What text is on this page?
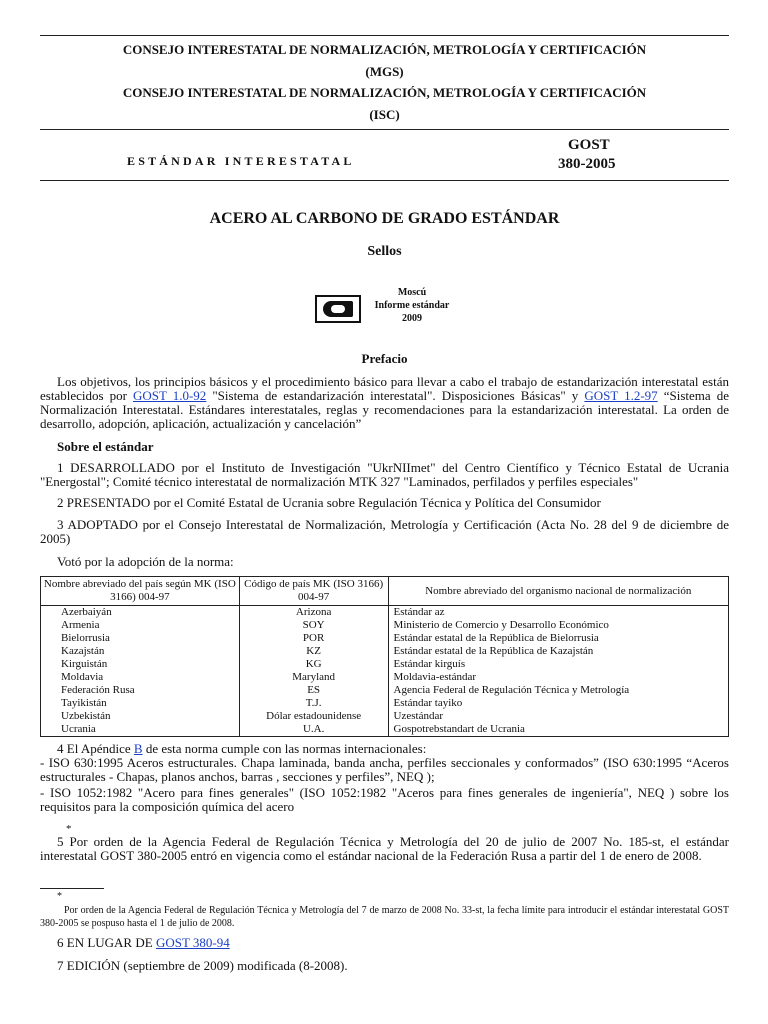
CONSEJO INTERESTATAL DE NORMALIZACIÓN, METROLOGÍA Y CERTIFICACIÓN
(MGS)
CONSEJO INTERESTATAL DE NORMALIZACIÓN, METROLOGÍA Y CERTIFICACIÓN
(ISC)
ESTÁNDAR INTERESTATAL
GOST
380-2005
ACERO AL CARBONO DE GRADO ESTÁNDAR
Sellos
Moscú
Informe estándar
2009
Prefacio
Los objetivos, los principios básicos y el procedimiento básico para llevar a cabo el trabajo de estandarización interestatal están establecidos por GOST 1.0-92 "Sistema de estandarización interestatal". Disposiciones Básicas" y GOST 1.2-97 “Sistema de Normalización Interestatal. Estándares interestatales, reglas y recomendaciones para la estandarización interestatal. La orden de desarrollo, adopción, aplicación, actualización y cancelación”
Sobre el estándar
1 DESARROLLADO por el Instituto de Investigación "UkrNIImet" del Centro Científico y Técnico Estatal de Ucrania "Energostal"; Comité técnico interestatal de normalización MTK 327 "Laminados, perfilados y perfiles especiales"
2 PRESENTADO por el Comité Estatal de Ucrania sobre Regulación Técnica y Política del Consumidor
3 ADOPTADO por el Consejo Interestatal de Normalización, Metrología y Certificación (Acta No. 28 del 9 de diciembre de 2005)
Votó por la adopción de la norma:
Nombre abreviado del país según MK (ISO 3166) 004-97	Código de país MK (ISO 3166) 004-97	Nombre abreviado del organismo nacional de normalización
Azerbaiyán	Arizona	Estándar az
Armenia	SOY	Ministerio de Comercio y Desarrollo Económico
Bielorrusia	POR	Estándar estatal de la República de Bielorrusia
Kazajstán	KZ	Estándar estatal de la República de Kazajstán
Kirguistán	KG	Estándar kirguís
Moldavia	Maryland	Moldavia-estándar
Federación Rusa	ES	Agencia Federal de Regulación Técnica y Metrología
Tayikistán	T.J.	Estándar tayiko
Uzbekistán	Dólar estadounidense	Uzestándar
Ucrania	U.A.	Gospotrebstandart de Ucrania
4 El Apéndice B de esta norma cumple con las normas internacionales:
- ISO 630:1995 Aceros estructurales. Chapa laminada, banda ancha, perfiles seccionales y conformados” (ISO 630:1995 “Aceros estructurales - Chapas, planos anchos, barras , secciones y perfiles”, NEQ );
- ISO 1052:1982 "Acero para fines generales" (ISO 1052:1982 "Aceros para fines generales de ingeniería", NEQ ) sobre los requisitos para la composición química del acero
*
5 Por orden de la Agencia Federal de Regulación Técnica y Metrología del 20 de julio de 2007 No. 185-st, el estándar interestatal GOST 380-2005 entró en vigencia como el estándar nacional de la Federación Rusa a partir del 1 de enero de 2008.
*
Por orden de la Agencia Federal de Regulación Técnica y Metrología del 7 de marzo de 2008 No. 33-st, la fecha límite para introducir el estándar interestatal GOST 380-2005 se pospuso hasta el 1 de julio de 2008.
6 EN LUGAR DE GOST 380-94
7 EDICIÓN (septiembre de 2009) modificada (8-2008).
